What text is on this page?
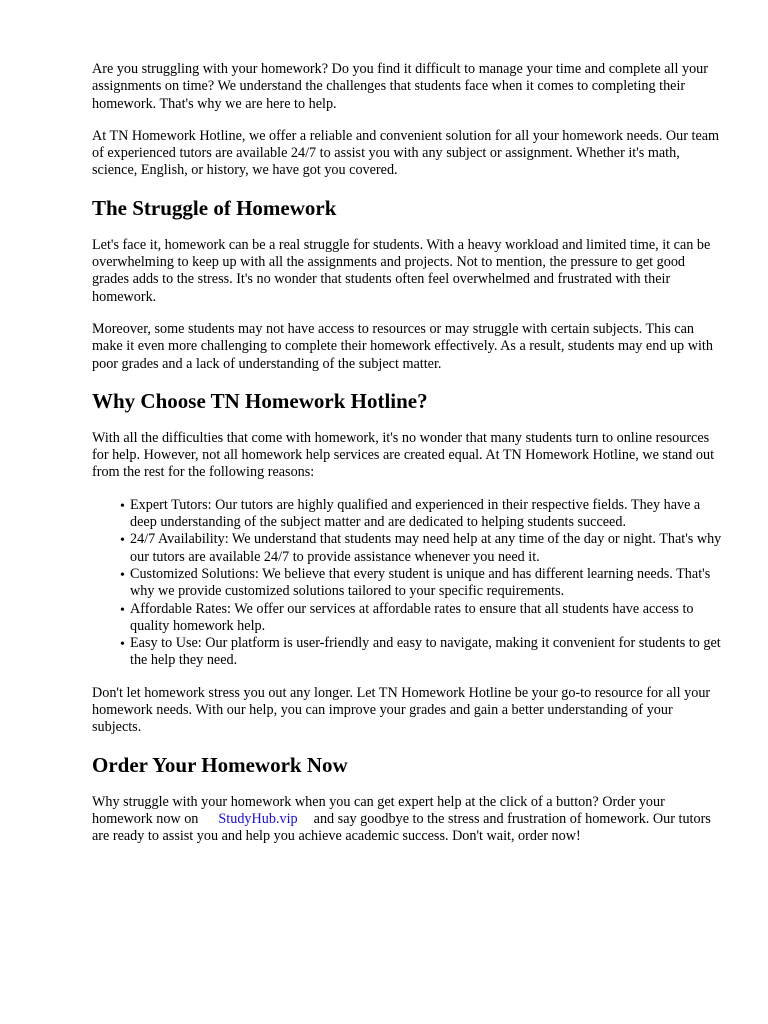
Are you struggling with your homework? Do you find it difficult to manage your time and complete all your assignments on time? We understand the challenges that students face when it comes to completing their homework. That's why we are here to help.

At TN Homework Hotline, we offer a reliable and convenient solution for all your homework needs. Our team of experienced tutors are available 24/7 to assist you with any subject or assignment. Whether it's math, science, English, or history, we have got you covered.

The Struggle of Homework

Let's face it, homework can be a real struggle for students. With a heavy workload and limited time, it can be overwhelming to keep up with all the assignments and projects. Not to mention, the pressure to get good grades adds to the stress. It's no wonder that students often feel overwhelmed and frustrated with their homework.

Moreover, some students may not have access to resources or may struggle with certain subjects. This can make it even more challenging to complete their homework effectively. As a result, students may end up with poor grades and a lack of understanding of the subject matter.

Why Choose TN Homework Hotline?

With all the difficulties that come with homework, it's no wonder that many students turn to online resources for help. However, not all homework help services are created equal. At TN Homework Hotline, we stand out from the rest for the following reasons:

• Expert Tutors: Our tutors are highly qualified and experienced in their respective fields. They have a deep understanding of the subject matter and are dedicated to helping students succeed.
• 24/7 Availability: We understand that students may need help at any time of the day or night. That's why our tutors are available 24/7 to provide assistance whenever you need it.
• Customized Solutions: We believe that every student is unique and has different learning needs. That's why we provide customized solutions tailored to your specific requirements.
• Affordable Rates: We offer our services at affordable rates to ensure that all students have access to quality homework help.
• Easy to Use: Our platform is user-friendly and easy to navigate, making it convenient for students to get the help they need.

Don't let homework stress you out any longer. Let TN Homework Hotline be your go-to resource for all your homework needs. With our help, you can improve your grades and gain a better understanding of your subjects.

Order Your Homework Now

Why struggle with your homework when you can get expert help at the click of a button? Order your homework now on StudyHub.vip and say goodbye to the stress and frustration of homework. Our tutors are ready to assist you and help you achieve academic success. Don't wait, order now!
